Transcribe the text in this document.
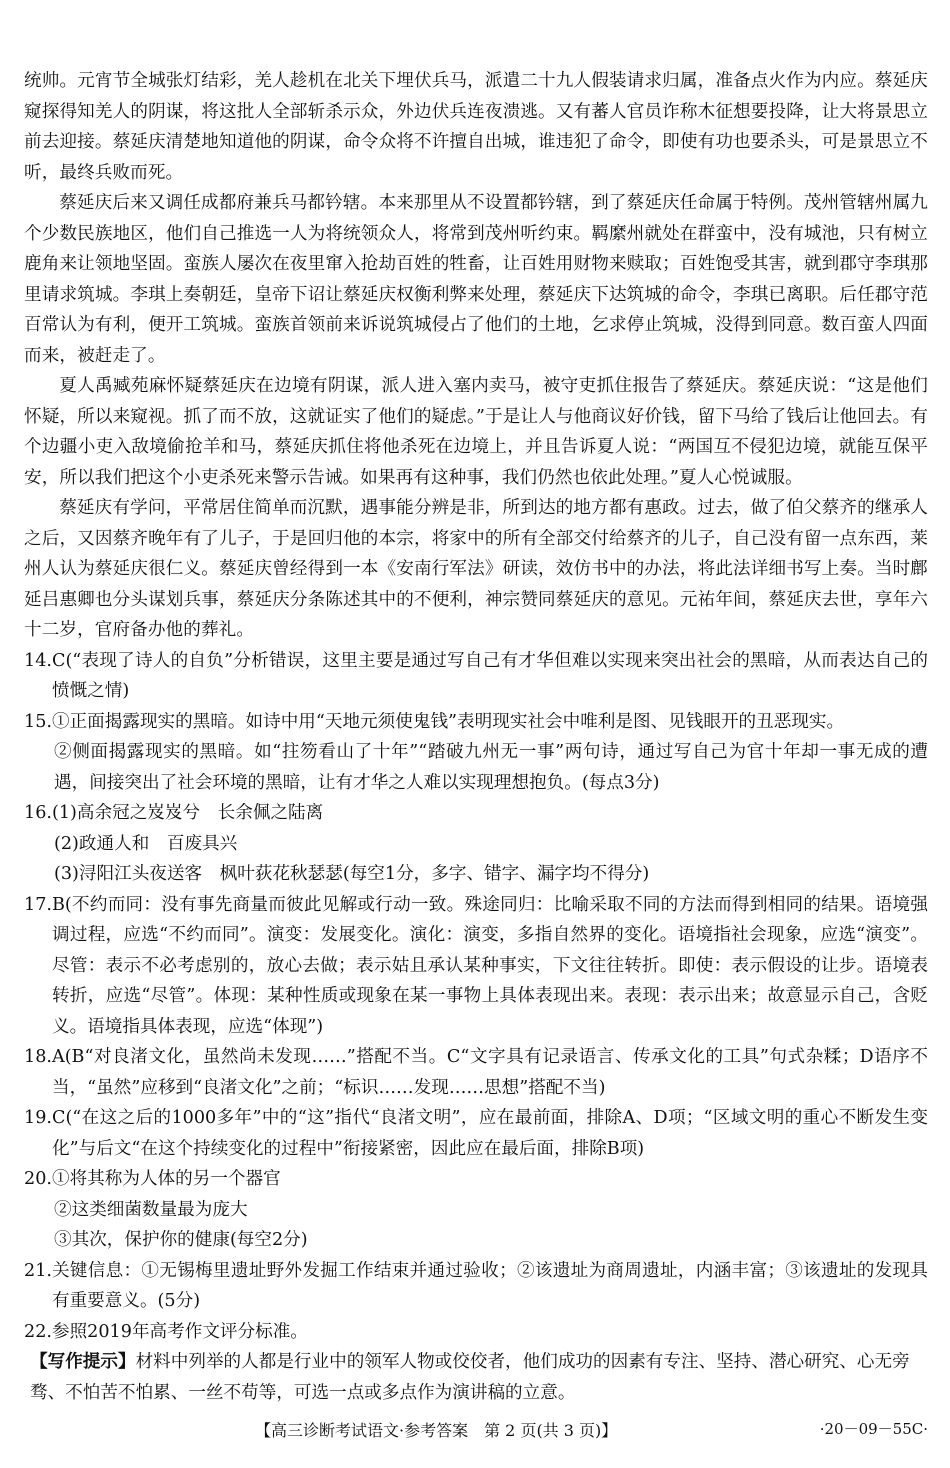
统帅。元宵节全城张灯结彩，羌人趁机在北关下埋伏兵马，派遣二十九人假装请求归属，准备点火作为内应。蔡延庆窥探得知羌人的阴谋，将这批人全部斩杀示众，外边伏兵连夜溃逃。又有蕃人官员诈称木征想要投降，让大将景思立前去迎接。蔡延庆清楚地知道他的阴谋，命令众将不许擅自出城，谁违犯了命令，即使有功也要杀头，可是景思立不听，最终兵败而死。

蔡延庆后来又调任成都府兼兵马都钤辖。本来那里从不设置都钤辖，到了蔡延庆任命属于特例。茂州管辖州属九个少数民族地区，他们自己推选一人为将统领众人，将常到茂州听约束。羁縻州就处在群蛮中，没有城池，只有树立鹿角来让领地坚固。蛮族人屡次在夜里窜入抢劫百姓的牲畜，让百姓用财物来赎取；百姓饱受其害，就到郡守李琪那里请求筑城。李琪上奏朝廷，皇帝下诏让蔡延庆权衡利弊来处理，蔡延庆下达筑城的命令，李琪已离职。后任郡守范百常认为有利，便开工筑城。蛮族首领前来诉说筑城侵占了他们的土地，乞求停止筑城，没得到同意。数百蛮人四面而来，被赶走了。

夏人禹臧苑麻怀疑蔡延庆在边境有阴谋，派人进入塞内卖马，被守吏抓住报告了蔡延庆。蔡延庆说：“这是他们怀疑，所以来窥视。抓了而不放，这就证实了他们的疑虑。”于是让人与他商议好价钱，留下马给了钱后让他回去。有个边疆小吏入敌境偷抢羊和马，蔡延庆抓住将他杀死在边境上，并且告诉夏人说：“两国互不侵犯边境，就能互保平安，所以我们把这个小吏杀死来警示告诫。如果再有这种事，我们仍然也依此处理。”夏人心悦诚服。

蔡延庆有学问，平常居住简单而沉默，遇事能分辨是非，所到达的地方都有惠政。过去，做了伯父蔡齐的继承人之后，又因蔡齐晚年有了儿子，于是回归他的本宗，将家中的所有全部交付给蔡齐的儿子，自己没有留一点东西，莱州人认为蔡延庆很仁义。蔡延庆曾经得到一本《安南行军法》研读，效仿书中的办法，将此法详细书写上奏。当时鄜延吕惠卿也分头谋划兵事，蔡延庆分条陈述其中的不便利，神宗赞同蔡延庆的意见。元祐年间，蔡延庆去世，享年六十二岁，官府备办他的葬礼。

14. C(“表现了诗人的自负”分析错误，这里主要是通过写自己有才华但难以实现来突出社会的黑暗，从而表达自己的愤慨之情)
15. ①正面揭露现实的黑暗。如诗中用“天地元须使鬼钱”表明现实社会中唯利是图、见钱眼开的丑恶现实。

②侧面揭露现实的黑暗。如“拄笏看山了十年”“踏破九州无一事”两句诗，通过写自己为官十年却一事无成的遭遇，间接突出了社会环境的黑暗，让有才华之人难以实现理想抱负。(每点3分)

16. (1)高余冠之岌岌兮　长余佩之陆离

(2)政通人和　百废具兴

(3)浔阳江头夜送客　枫叶荻花秋瑟瑟(每空1分，多字、错字、漏字均不得分)

17. B(不约而同：没有事先商量而彼此见解或行动一致。殊途同归：比喻采取不同的方法而得到相同的结果。语境强调过程，应选“不约而同”。演变：发展变化。演化：演变，多指自然界的变化。语境指社会现象，应选“演变”。尽管：表示不必考虑别的，放心去做；表示姑且承认某种事实，下文往往转折。即使：表示假设的让步。语境表转折，应选“尽管”。体现：某种性质或现象在某一事物上具体表现出来。表现：表示出来；故意显示自己，含贬义。语境指具体表现，应选“体现”)
18. A(B“对良渚文化，虽然尚未发现……”搭配不当。C“文字具有记录语言、传承文化的工具”句式杂糅；D语序不当，“虽然”应移到“良渚文化”之前；“标识……发现……思想”搭配不当)
19. C(“在这之后的1000多年”中的“这”指代“良渚文明”，应在最前面，排除A、D项；“区域文明的重心不断发生变化”与后文“在这个持续变化的过程中”衔接紧密，因此应在最后面，排除B项)
20. ①将其称为人体的另一个器官

②这类细菌数量最为庞大

③其次，保护你的健康(每空2分)

21. 关键信息：①无锡梅里遗址野外发掘工作结束并通过验收；②该遗址为商周遗址，内涵丰富；③该遗址的发现具有重要意义。(5分)
22. 参照2019年高考作文评分标准。

【写作提示】材料中列举的人都是行业中的领军人物或佼佼者，他们成功的因素有专注、坚持、潜心研究、心无旁骛、不怕苦不怕累、一丝不苟等，可选一点或多点作为演讲稿的立意。

【高三诊断考试语文·参考答案　第 2 页(共 3 页)】	·20－09－55C·
